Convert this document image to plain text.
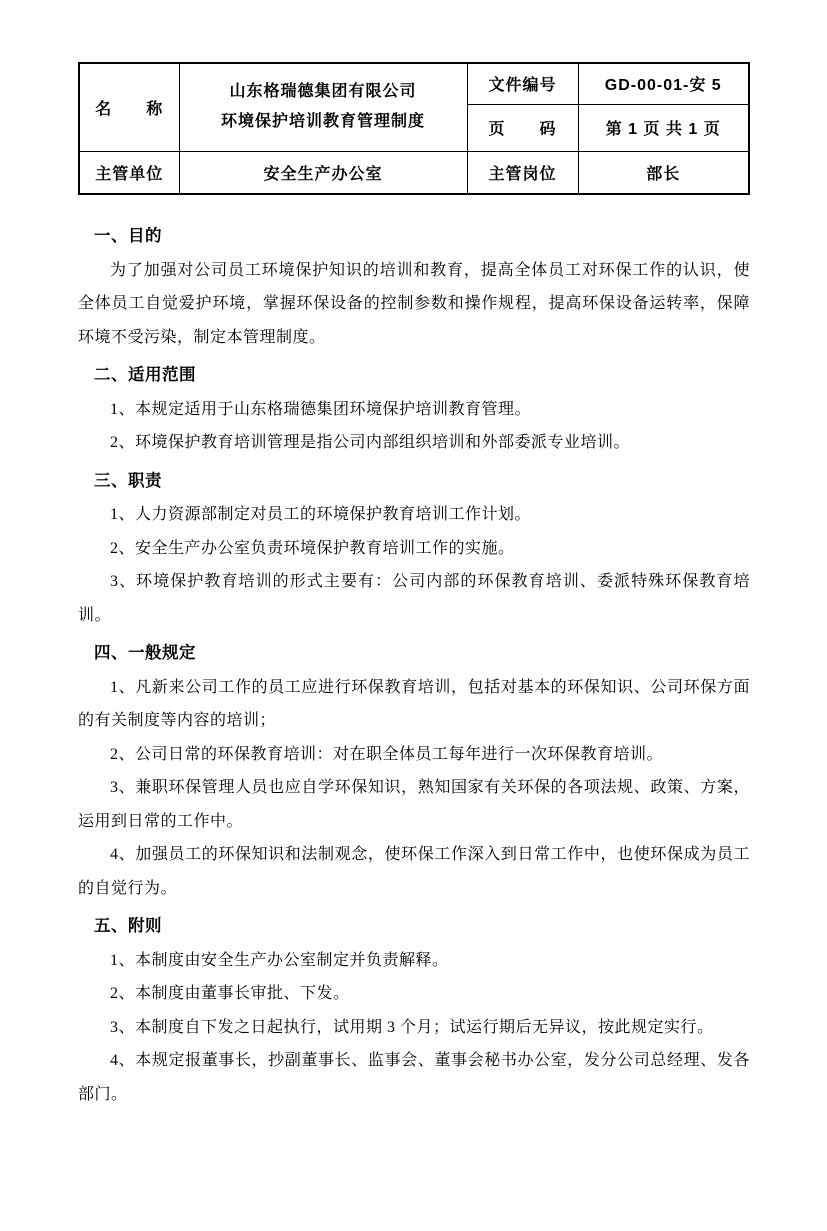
名　　称	山东格瑞德集团有限公司
环境保护培训教育管理制度	文件编号	GD-00-01-安 5
		页　　码	第 1 页 共 1 页
主管单位	安全生产办公室	主管岗位	部长
一、目的

为了加强对公司员工环境保护知识的培训和教育，提高全体员工对环保工作的认识，使全体员工自觉爱护环境，掌握环保设备的控制参数和操作规程，提高环保设备运转率，保障环境不受污染，制定本管理制度。

二、适用范围

1、本规定适用于山东格瑞德集团环境保护培训教育管理。

2、环境保护教育培训管理是指公司内部组织培训和外部委派专业培训。

三、职责

1、人力资源部制定对员工的环境保护教育培训工作计划。

2、安全生产办公室负责环境保护教育培训工作的实施。

3、环境保护教育培训的形式主要有：公司内部的环保教育培训、委派特殊环保教育培训。

四、一般规定

1、凡新来公司工作的员工应进行环保教育培训，包括对基本的环保知识、公司环保方面的有关制度等内容的培训；

2、公司日常的环保教育培训：对在职全体员工每年进行一次环保教育培训。

3、兼职环保管理人员也应自学环保知识，熟知国家有关环保的各项法规、政策、方案，运用到日常的工作中。

4、加强员工的环保知识和法制观念，使环保工作深入到日常工作中，也使环保成为员工的自觉行为。

五、附则

1、本制度由安全生产办公室制定并负责解释。

2、本制度由董事长审批、下发。

3、本制度自下发之日起执行，试用期 3 个月；试运行期后无异议，按此规定实行。

4、本规定报董事长，抄副董事长、监事会、董事会秘书办公室，发分公司总经理、发各部门。
